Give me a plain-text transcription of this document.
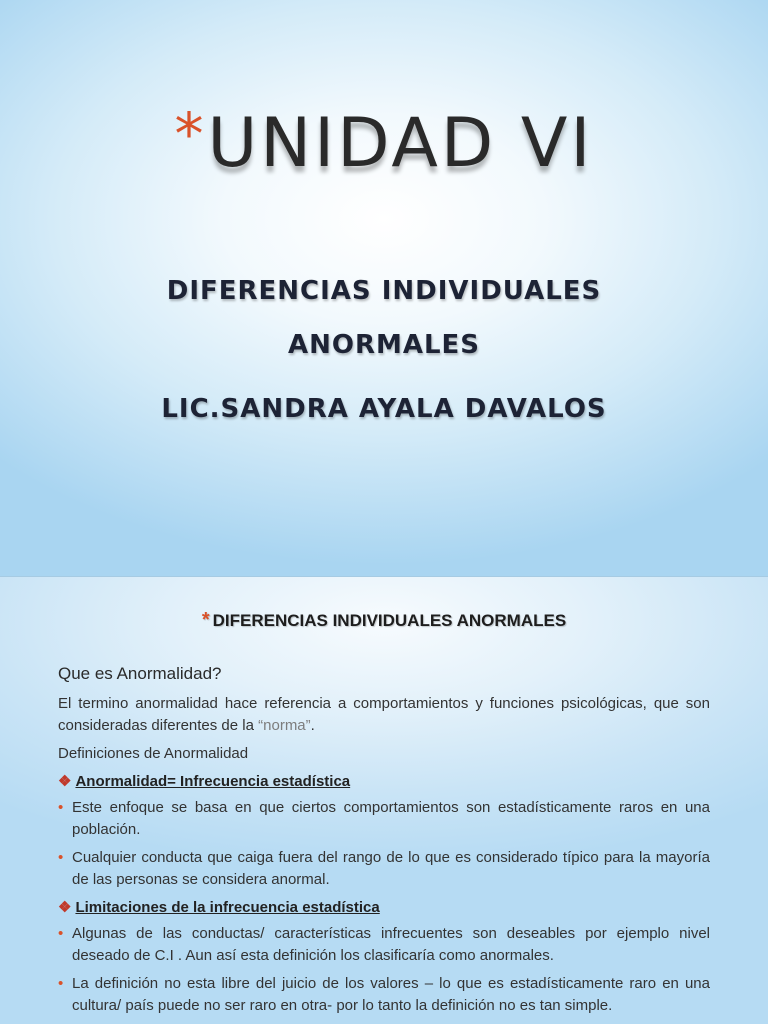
*UNIDAD VI
DIFERENCIAS INDIVIDUALES
ANORMALES
LIC.SANDRA AYALA DAVALOS
* DIFERENCIAS INDIVIDUALES ANORMALES
Que es Anormalidad?
El termino anormalidad hace referencia a comportamientos y funciones psicológicas, que son consideradas diferentes de la “norma”.
Definiciones de Anormalidad
❖ Anormalidad= Infrecuencia estadística
• Este enfoque se basa en que ciertos comportamientos son estadísticamente raros en una población.
• Cualquier conducta que caiga fuera del rango de lo que es considerado típico para la mayoría de las personas se considera anormal.
❖ Limitaciones de la infrecuencia estadística
• Algunas de las conductas/ características infrecuentes son deseables por ejemplo nivel deseado de C.I . Aun así esta definición los clasificaría como anormales.
• La definición no esta libre del juicio de los valores – lo que es estadísticamente raro en una cultura/ país puede no ser raro en otra- por lo tanto la definición no es tan simple.
